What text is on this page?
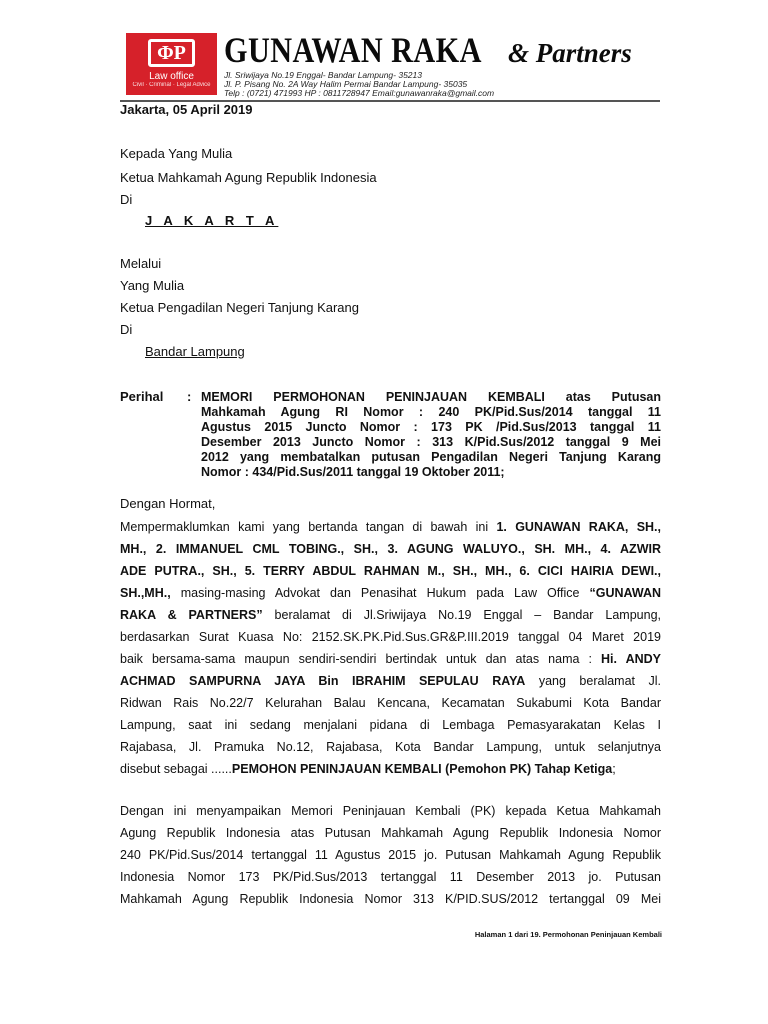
ΦP
Law office
Civil · Criminal · Legal Advice
GUNAWAN RAKA & Partners
Jl. Sriwijaya No.19 Enggal- Bandar Lampung- 35213
Jl. P. Pisang No. 2A Way Halim Permai Bandar Lampung- 35035
Telp : (0721) 471993 HP : 0811728947 Email:gunawanraka@gmail.com
Jakarta, 05 April 2019
Kepada Yang Mulia
Ketua Mahkamah Agung Republik Indonesia
Di
J A K A R T A
Melalui
Yang Mulia
Ketua Pengadilan Negeri Tanjung Karang
Di
Bandar Lampung
Perihal : MEMORI PERMOHONAN PENINJAUAN KEMBALI atas Putusan
Mahkamah Agung RI Nomor : 240 PK/Pid.Sus/2014 tanggal 11
Agustus 2015 Juncto Nomor : 173 PK /Pid.Sus/2013 tanggal 11
Desember 2013 Juncto Nomor : 313 K/Pid.Sus/2012 tanggal 9 Mei
2012 yang membatalkan putusan Pengadilan Negeri Tanjung Karang
Nomor : 434/Pid.Sus/2011 tanggal 19 Oktober 2011;
Dengan Hormat,
Mempermaklumkan kami yang bertanda tangan di bawah ini 1. GUNAWAN RAKA, SH.,
MH., 2. IMMANUEL CML TOBING., SH., 3. AGUNG WALUYO., SH. MH., 4. AZWIR
ADE PUTRA., SH., 5. TERRY ABDUL RAHMAN M., SH., MH., 6. CICI HAIRIA DEWI.,
SH.,MH., masing-masing Advokat dan Penasihat Hukum pada Law Office “GUNAWAN
RAKA & PARTNERS” beralamat di Jl.Sriwijaya No.19 Enggal – Bandar Lampung,
berdasarkan Surat Kuasa No: 2152.SK.PK.Pid.Sus.GR&P.III.2019 tanggal 04 Maret 2019
baik bersama-sama maupun sendiri-sendiri bertindak untuk dan atas nama : Hi. ANDY
ACHMAD SAMPURNA JAYA Bin IBRAHIM SEPULAU RAYA yang beralamat Jl.
Ridwan Rais No.22/7 Kelurahan Balau Kencana, Kecamatan Sukabumi Kota Bandar
Lampung, saat ini sedang menjalani pidana di Lembaga Pemasyarakatan Kelas I
Rajabasa, Jl. Pramuka No.12, Rajabasa, Kota Bandar Lampung, untuk selanjutnya
disebut sebagai ......PEMOHON PENINJAUAN KEMBALI (Pemohon PK) Tahap Ketiga;
Dengan ini menyampaikan Memori Peninjauan Kembali (PK) kepada Ketua Mahkamah
Agung Republik Indonesia atas Putusan Mahkamah Agung Republik Indonesia Nomor
240 PK/Pid.Sus/2014 tertanggal 11 Agustus 2015 jo. Putusan Mahkamah Agung Republik
Indonesia Nomor 173 PK/Pid.Sus/2013 tertanggal 11 Desember 2013 jo. Putusan
Mahkamah Agung Republik Indonesia Nomor 313 K/PID.SUS/2012 tertanggal 09 Mei
Halaman 1 dari 19. Permohonan Peninjauan Kembali
